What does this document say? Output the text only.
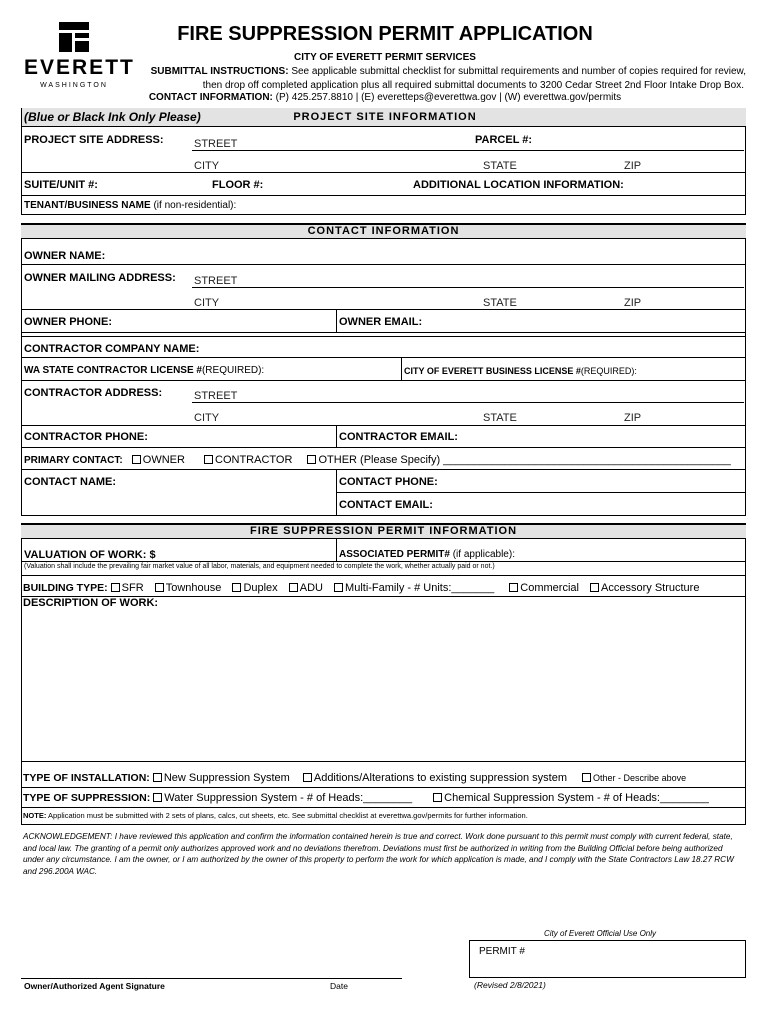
EVERETT
WASHINGTON
FIRE SUPPRESSION PERMIT APPLICATION
CITY OF EVERETT PERMIT SERVICES
SUBMITTAL INSTRUCTIONS: See applicable submittal checklist for submittal requirements and number of copies required for review,
then drop off completed application plus all required submittal documents to 3200 Cedar Street 2nd Floor Intake Drop Box.
CONTACT INFORMATION: (P) 425.257.8810 | (E) everetteps@everettwa.gov | (W) everettwa.gov/permits
(Blue or Black Ink Only Please)	PROJECT SITE INFORMATION
PROJECT SITE ADDRESS:	STREET	PARCEL #:
CITY	STATE	ZIP
SUITE/UNIT #:	FLOOR #:	ADDITIONAL LOCATION INFORMATION:
TENANT/BUSINESS NAME (if non-residential):
CONTACT INFORMATION
OWNER NAME:
OWNER MAILING ADDRESS: STREET
CITY	STATE	ZIP
OWNER PHONE:	OWNER EMAIL:
CONTRACTOR COMPANY NAME:
WA STATE CONTRACTOR LICENSE #(REQUIRED):	CITY OF EVERETT BUSINESS LICENSE #(REQUIRED):
CONTRACTOR ADDRESS:	STREET
CITY	STATE	ZIP
CONTRACTOR PHONE:	CONTRACTOR EMAIL:
PRIMARY CONTACT: OWNER	CONTRACTOR OTHER (Please Specify) _______________________________________________
CONTACT NAME:	CONTACT PHONE:
CONTACT EMAIL:
FIRE SUPPRESSION PERMIT INFORMATION
VALUATION OF WORK: $	ASSOCIATED PERMIT# (if applicable):
(Valuation shall include the prevailing fair market value of all labor, materials, and equipment needed to complete the work, whether actually paid or not.)
BUILDING TYPE: SFR Townhouse Duplex ADU Multi-Family - # Units:_______ Commercial Accessory Structure
DESCRIPTION OF WORK:
TYPE OF INSTALLATION: New Suppression System Additions/Alterations to existing suppression system	Other - Describe above
TYPE OF SUPPRESSION: Water Suppression System - # of Heads:________	Chemical Suppression System - # of Heads:________
NOTE: Application must be submitted with 2 sets of plans, calcs, cut sheets, etc. See submittal checklist at everettwa.gov/permits for further information.
ACKNOWLEDGEMENT: I have reviewed this application and confirm the information contained herein is true and correct. Work done pursuant to this permit must comply with current federal, state, and local law. The granting of a permit only authorizes approved work and no deviations therefrom. Deviations must first be authorized in writing from the Building Official before being authorized under any circumstance. I am the owner, or I am authorized by the owner of this property to perform the work for which application is made, and I comply with the State Contractors Law 18.27 RCW and 296.200A WAC.
City of Everett Official Use Only
PERMIT #
Owner/Authorized Agent Signature	Date	(Revised 2/8/2021)
